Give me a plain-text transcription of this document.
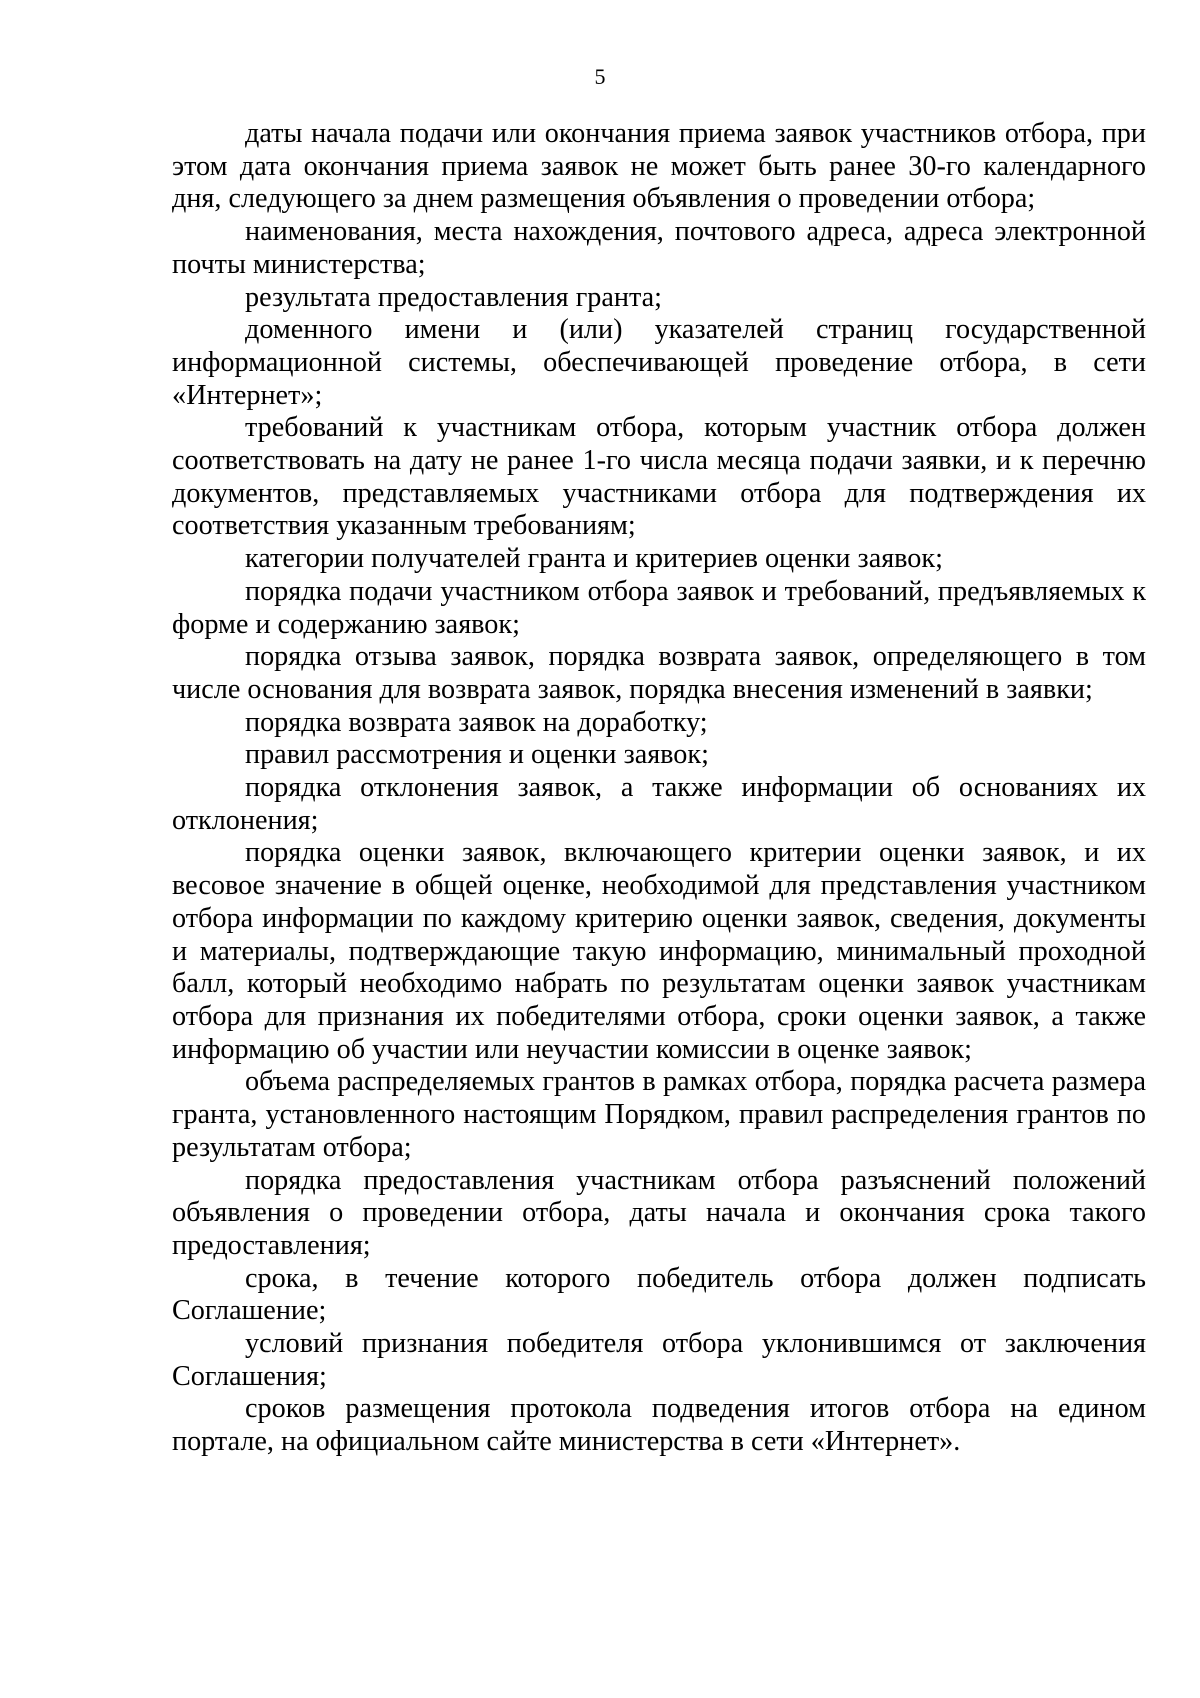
5

даты начала подачи или окончания приема заявок участников отбора, при этом дата окончания приема заявок не может быть ранее 30-го календарного дня, следующего за днем размещения объявления о проведении отбора;

наименования, места нахождения, почтового адреса, адреса электронной почты министерства;

результата предоставления гранта;

доменного имени и (или) указателей страниц государственной информационной системы, обеспечивающей проведение отбора, в сети «Интернет»;

требований к участникам отбора, которым участник отбора должен соответствовать на дату не ранее 1-го числа месяца подачи заявки, и к перечню документов, представляемых участниками отбора для подтверждения их соответствия указанным требованиям;

категории получателей гранта и критериев оценки заявок;

порядка подачи участником отбора заявок и требований, предъявляемых к форме и содержанию заявок;

порядка отзыва заявок, порядка возврата заявок, определяющего в том числе основания для возврата заявок, порядка внесения изменений в заявки;

порядка возврата заявок на доработку;

правил рассмотрения и оценки заявок;

порядка отклонения заявок, а также информации об основаниях их отклонения;

порядка оценки заявок, включающего критерии оценки заявок, и их весовое значение в общей оценке, необходимой для представления участником отбора информации по каждому критерию оценки заявок, сведения, документы и материалы, подтверждающие такую информацию, минимальный проходной балл, который необходимо набрать по результатам оценки заявок участникам отбора для признания их победителями отбора, сроки оценки заявок, а также информацию об участии или неучастии комиссии в оценке заявок;

объема распределяемых грантов в рамках отбора, порядка расчета размера гранта, установленного настоящим Порядком, правил распределения грантов по результатам отбора;

порядка предоставления участникам отбора разъяснений положений объявления о проведении отбора, даты начала и окончания срока такого предоставления;

срока, в течение которого победитель отбора должен подписать Соглашение;

условий признания победителя отбора уклонившимся от заключения Соглашения;

сроков размещения протокола подведения итогов отбора на едином портале, на официальном сайте министерства в сети «Интернет».
